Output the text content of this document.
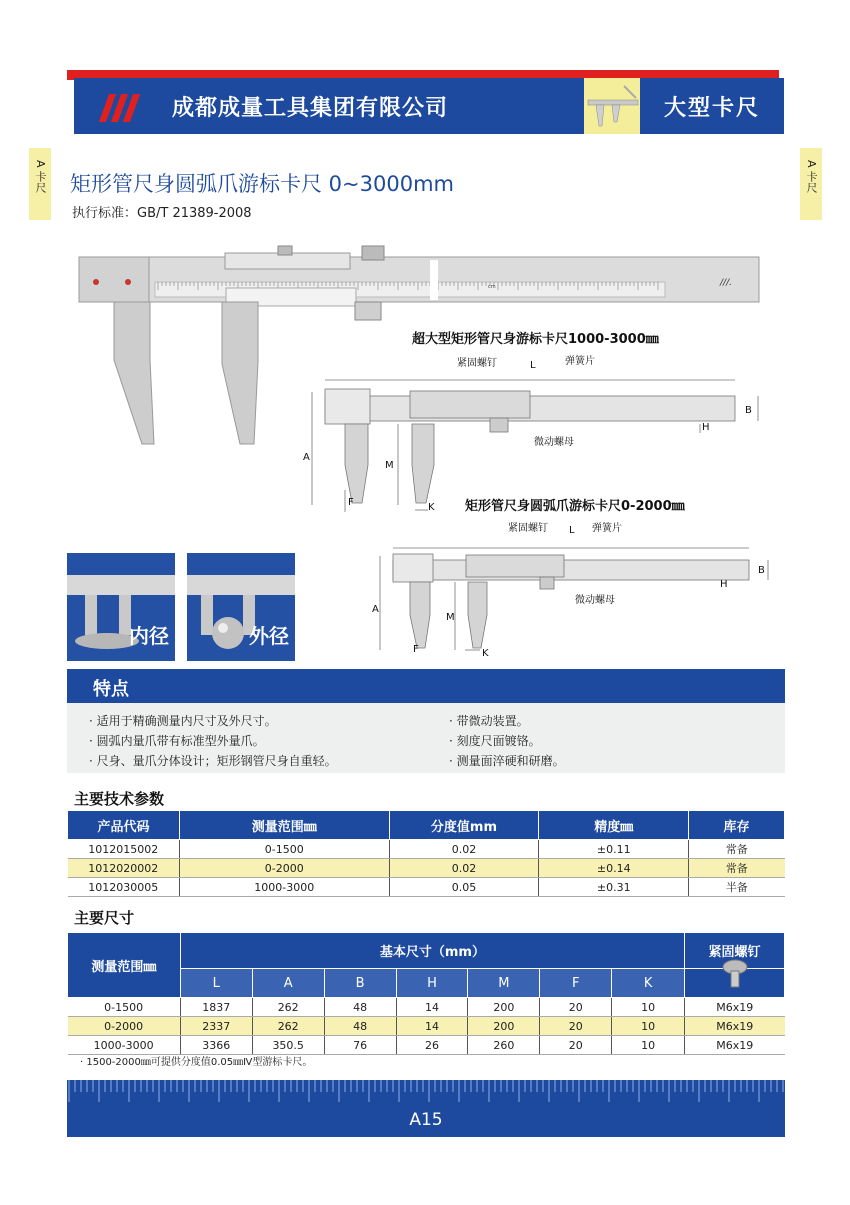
成都成量工具集团有限公司	大型卡尺
A 卡尺	A 卡尺
矩形管尺身圆弧爪游标卡尺 0~3000mm
执行标准：GB/T 21389-2008
///.
cm
超大型矩形管尺身游标卡尺1000-3000㎜
紧固螺钉	L	弹簧片
微动螺母
A
M
B
H
F	K 矩形管尺身圆弧爪游标卡尺0-2000㎜
紧固螺钉 L 弹簧片
微动螺母
A
M
B
H
F	K
内径	外径
特点
· 适用于精确测量内尺寸及外尺寸。
· 圆弧内量爪带有标准型外量爪。
· 尺身、量爪分体设计；矩形钢管尺身自重轻。
· 带微动装置。
· 刻度尺面镀铬。
· 测量面淬硬和研磨。
主要技术参数
产品代码	测量范围㎜	分度值mm	精度㎜	库存
1012015002	0-1500	0.02	±0.11	常备
1012020002	0-2000	0.02	±0.14	常备
1012030005	1000-3000	0.05	±0.31	半备
主要尺寸
测量范围㎜	基本尺寸（mm）							紧固螺钉
	L	A	B	H	M	F	K	
0-1500	1837	262	48	14	200	20	10	M6x19
0-2000	2337	262	48	14	200	20	10	M6x19
1000-3000	3366	350.5	76	26	260	20	10	M6x19
· 1500-2000㎜可提供分度值0.05㎜Ⅳ型游标卡尺。
A15
